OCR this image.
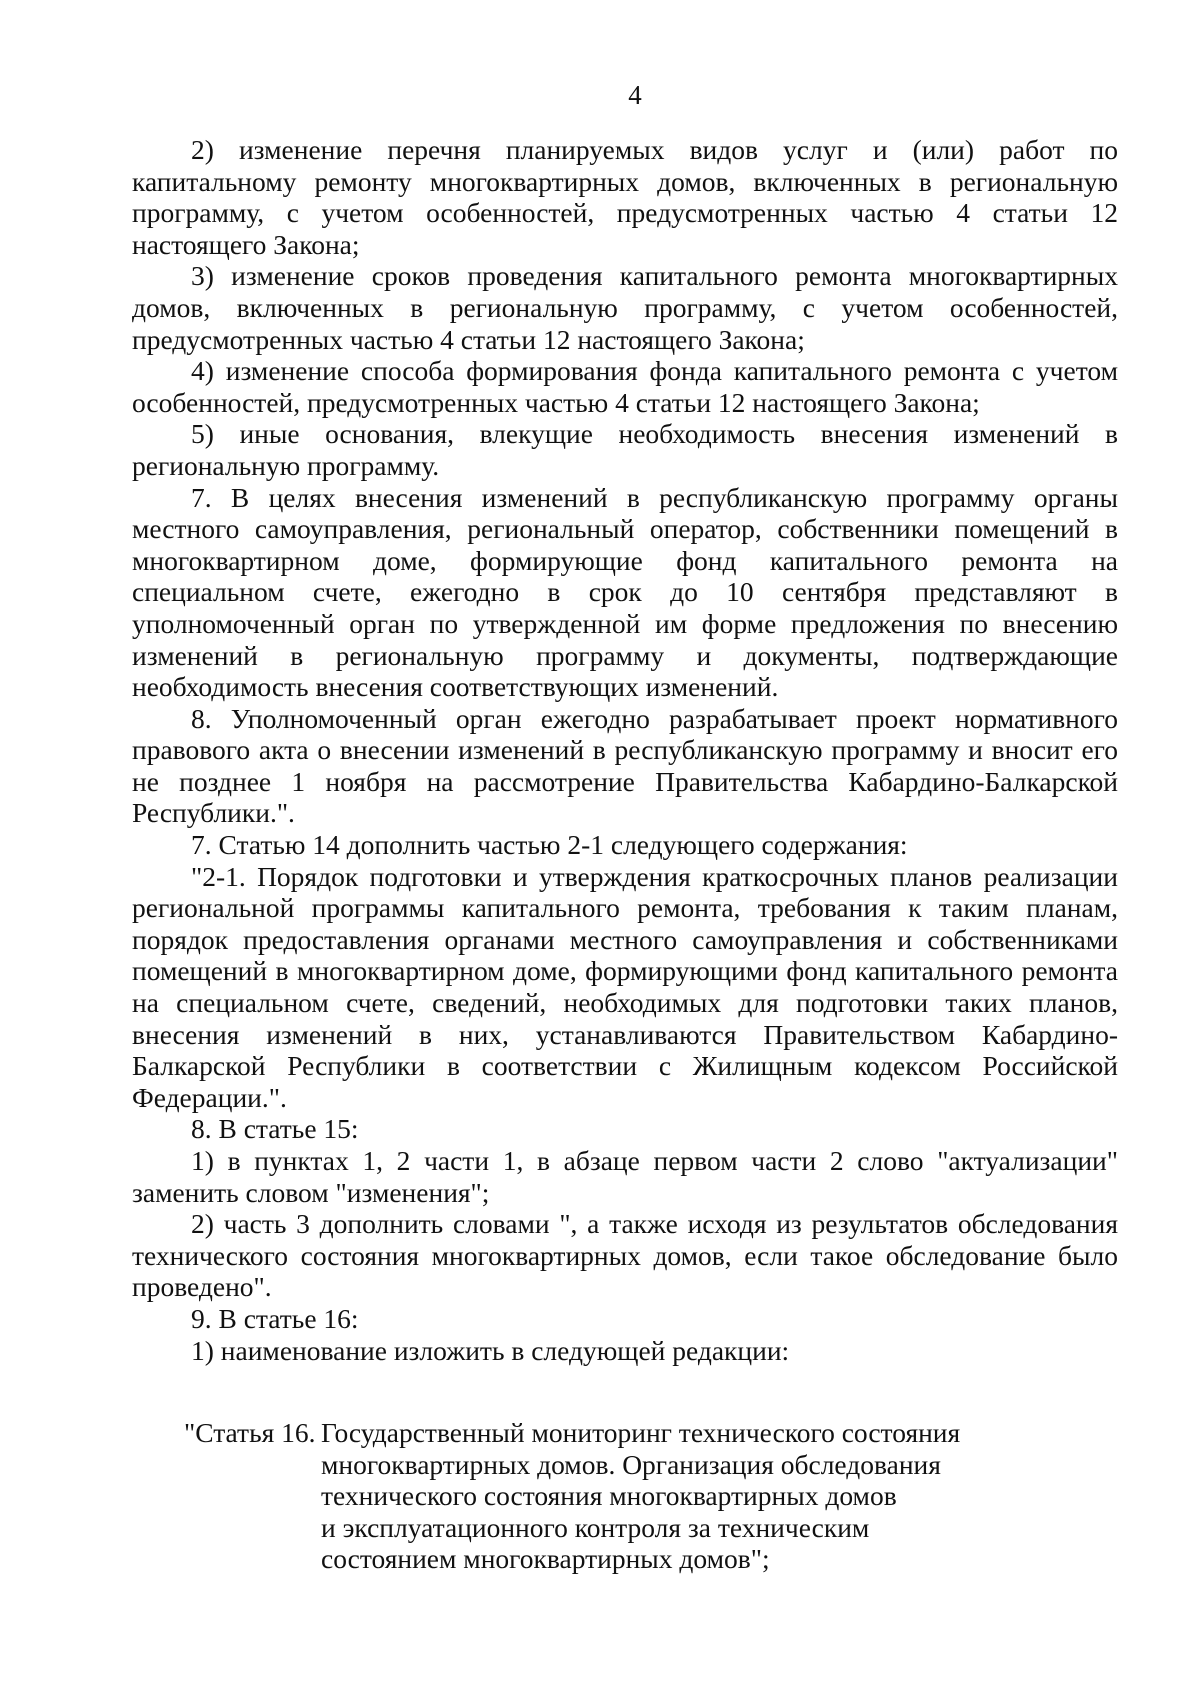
4

2) изменение перечня планируемых видов услуг и (или) работ по капитальному ремонту многоквартирных домов, включенных в региональную программу, с учетом особенностей, предусмотренных частью 4 статьи 12 настоящего Закона;

3) изменение сроков проведения капитального ремонта многоквартирных домов, включенных в региональную программу, с учетом особенностей, предусмотренных частью 4 статьи 12 настоящего Закона;

4) изменение способа формирования фонда капитального ремонта с учетом особенностей, предусмотренных частью 4 статьи 12 настоящего Закона;

5) иные основания, влекущие необходимость внесения изменений в региональную программу.

7. В целях внесения изменений в республиканскую программу органы местного самоуправления, региональный оператор, собственники помещений в многоквартирном доме, формирующие фонд капитального ремонта на специальном счете, ежегодно в срок до 10 сентября представляют в уполномоченный орган по утвержденной им форме предложения по внесению изменений в региональную программу и документы, подтверждающие необходимость внесения соответствующих изменений.

8. Уполномоченный орган ежегодно разрабатывает проект нормативного правового акта о внесении изменений в республиканскую программу и вносит его не позднее 1 ноября на рассмотрение Правительства Кабардино-Балкарской Республики.".

7. Статью 14 дополнить частью 2-1 следующего содержания:

"2-1. Порядок подготовки и утверждения краткосрочных планов реализации региональной программы капитального ремонта, требования к таким планам, порядок предоставления органами местного самоуправления и собственниками помещений в многоквартирном доме, формирующими фонд капитального ремонта на специальном счете, сведений, необходимых для подготовки таких планов, внесения изменений в них, устанавливаются Правительством Кабардино-Балкарской Республики в соответствии с Жилищным кодексом Российской Федерации.".

8. В статье 15:

1) в пунктах 1, 2 части 1, в абзаце первом части 2 слово "актуализации" заменить словом "изменения";

2) часть 3 дополнить словами ", а также исходя из результатов обследования технического состояния многоквартирных домов, если такое обследование было проведено".

9. В статье 16:

1) наименование изложить в следующей редакции:

"Статья 16. Государственный мониторинг технического состояния
многоквартирных домов. Организация обследования
технического состояния многоквартирных домов
и эксплуатационного контроля за техническим
состоянием многоквартирных домов";
